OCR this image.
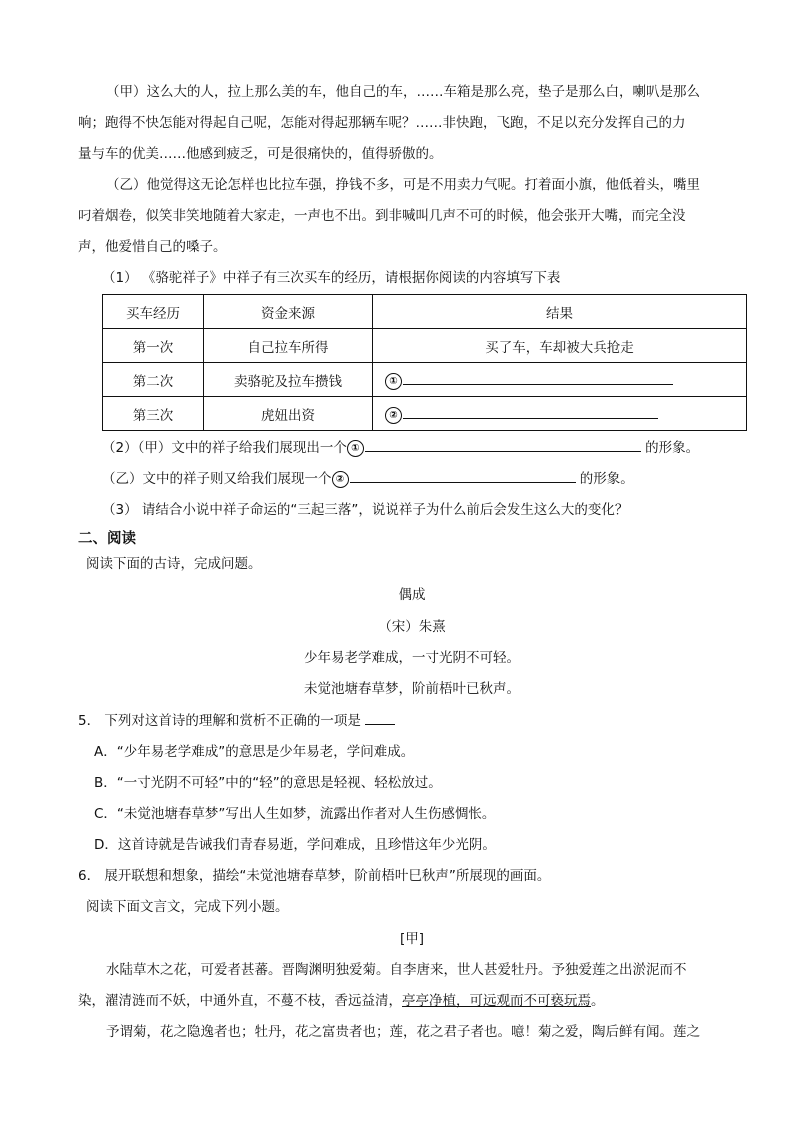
（甲）这么大的人，拉上那么美的车，他自己的车，……车箱是那么亮，垫子是那么白，喇叭是那么

响；跑得不快怎能对得起自己呢，怎能对得起那辆车呢？……非快跑，飞跑，不足以充分发挥自己的力

量与车的优美……他感到疲乏，可是很痛快的，值得骄傲的。

（乙）他觉得这无论怎样也比拉车强，挣钱不多，可是不用卖力气呢。打着面小旗，他低着头，嘴里

叼着烟卷，似笑非笑地随着大家走，一声也不出。到非喊叫几声不可的时候，他会张开大嘴，而完全没

声，他爱惜自己的嗓子。

（1） 《骆驼祥子》中祥子有三次买车的经历，请根据你阅读的内容填写下表

买车经历	资金来源	结果
第一次	自己拉车所得	买了车，车却被大兵抢走
第二次	卖骆驼及拉车攒钱	①
第三次	虎妞出资	②

（2）（甲）文中的祥子给我们展现出一个 ①	的形象。

（乙）文中的祥子则又给我们展现一个 ②	的形象。

（3） 请结合小说中祥子命运的“三起三落”，说说祥子为什么前后会发生这么大的变化？

二、阅读

阅读下面的古诗，完成问题。

偶成

（宋）朱熹

少年易老学难成，一寸光阴不可轻。

未觉池塘春草梦，阶前梧叶已秋声。

5． 下列对这首诗的理解和赏析不正确的一项是

A．“少年易老学难成”的意思是少年易老，学问难成。

B．“一寸光阴不可轻”中的“轻”的意思是轻视、轻松放过。

C．“未觉池塘春草梦”写出人生如梦，流露出作者对人生伤感惆怅。

D．这首诗就是告诫我们青春易逝，学问难成，且珍惜这年少光阴。

6． 展开联想和想象，描绘“未觉池塘春草梦，阶前梧叶巳秋声”所展现的画面。

阅读下面文言文，完成下列小题。

[甲]

水陆草木之花，可爱者甚蕃。晋陶渊明独爱菊。自李唐来，世人甚爱牡丹。予独爱莲之出淤泥而不

染，濯清涟而不妖，中通外直，不蔓不枝，香远益清，亭亭净植，可远观而不可亵玩焉。

予谓菊，花之隐逸者也；牡丹，花之富贵者也；莲，花之君子者也。噫！菊之爱，陶后鲜有闻。莲之
